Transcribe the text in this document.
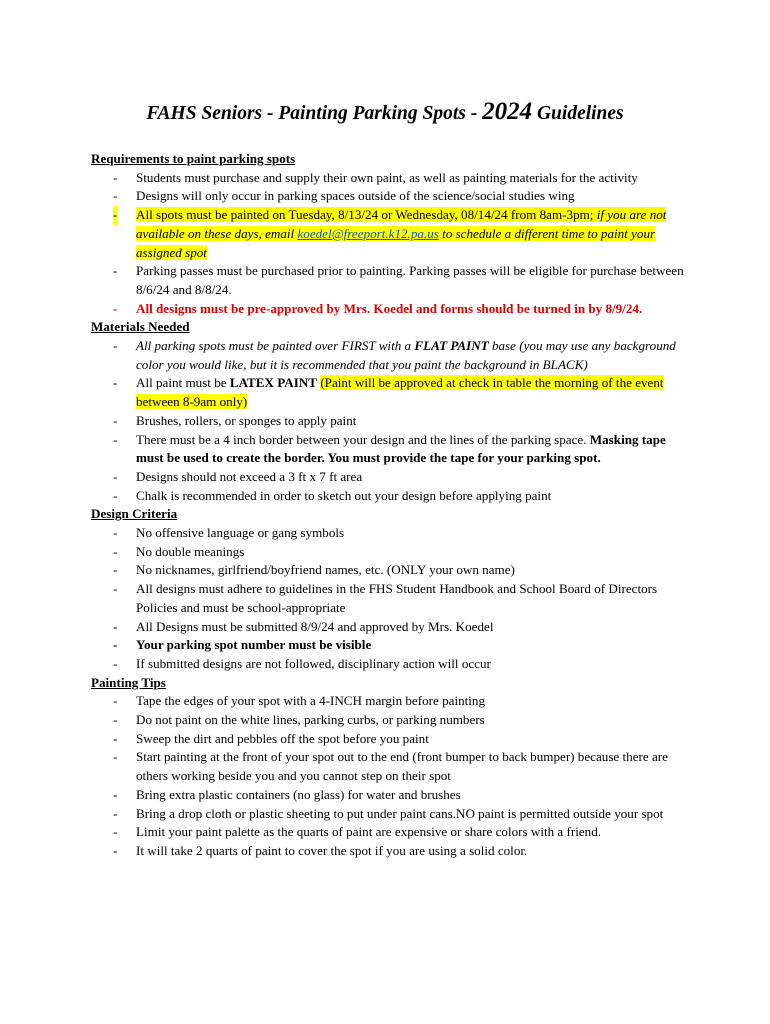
FAHS Seniors - Painting Parking Spots - 2024 Guidelines
Requirements to paint parking spots
- Students must purchase and supply their own paint, as well as painting materials for the activity
- Designs will only occur in parking spaces outside of the science/social studies wing
- All spots must be painted on Tuesday, 8/13/24 or Wednesday, 08/14/24 from 8am-3pm; if you are not available on these days, email koedel@freeport.k12.pa.us to schedule a different time to paint your assigned spot
- Parking passes must be purchased prior to painting. Parking passes will be eligible for purchase between 8/6/24 and 8/8/24.
- All designs must be pre-approved by Mrs. Koedel and forms should be turned in by 8/9/24.
Materials Needed
- All parking spots must be painted over FIRST with a FLAT PAINT base (you may use any background color you would like, but it is recommended that you paint the background in BLACK)
- All paint must be LATEX PAINT (Paint will be approved at check in table the morning of the event between 8-9am only)
- Brushes, rollers, or sponges to apply paint
- There must be a 4 inch border between your design and the lines of the parking space. Masking tape must be used to create the border. You must provide the tape for your parking spot.
- Designs should not exceed a 3 ft x 7 ft area
- Chalk is recommended in order to sketch out your design before applying paint
Design Criteria
- No offensive language or gang symbols
- No double meanings
- No nicknames, girlfriend/boyfriend names, etc. (ONLY your own name)
- All designs must adhere to guidelines in the FHS Student Handbook and School Board of Directors Policies and must be school-appropriate
- All Designs must be submitted 8/9/24 and approved by Mrs. Koedel
- Your parking spot number must be visible
- If submitted designs are not followed, disciplinary action will occur
Painting Tips
- Tape the edges of your spot with a 4-INCH margin before painting
- Do not paint on the white lines, parking curbs, or parking numbers
- Sweep the dirt and pebbles off the spot before you paint
- Start painting at the front of your spot out to the end (front bumper to back bumper) because there are others working beside you and you cannot step on their spot
- Bring extra plastic containers (no glass) for water and brushes
- Bring a drop cloth or plastic sheeting to put under paint cans.NO paint is permitted outside your spot
- Limit your paint palette as the quarts of paint are expensive or share colors with a friend.
- It will take 2 quarts of paint to cover the spot if you are using a solid color.
